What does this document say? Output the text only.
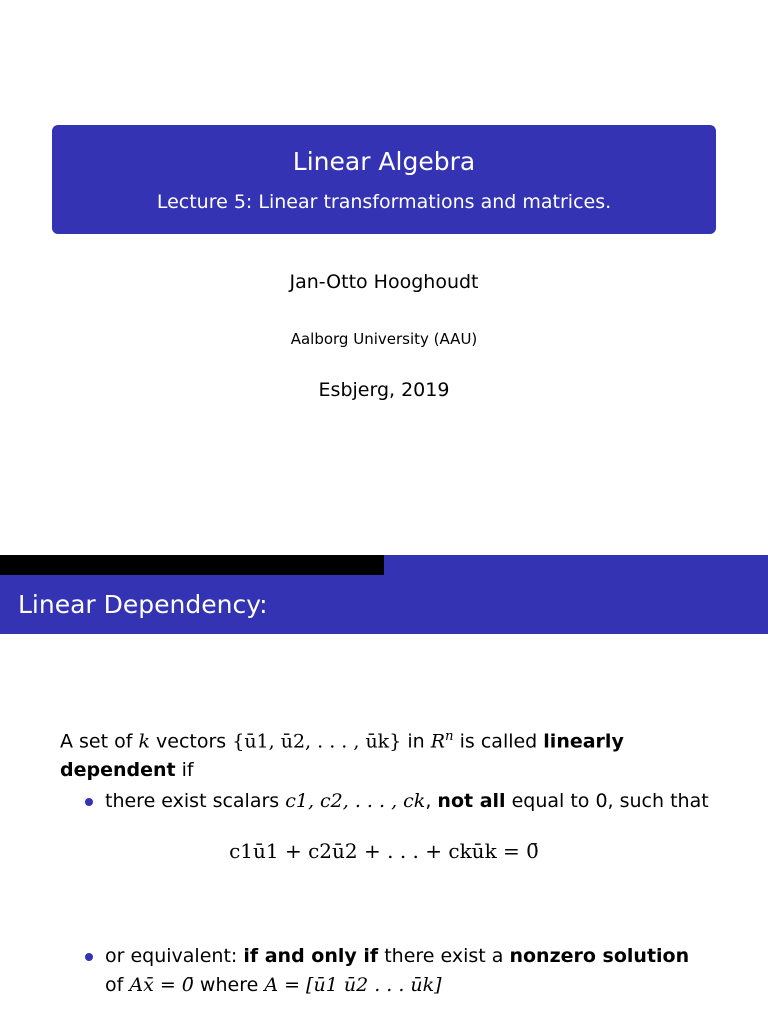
Linear Algebra
Lecture 5: Linear transformations and matrices.
Jan-Otto Hooghoudt
Aalborg University (AAU)
Esbjerg, 2019
Linear Dependency:
A set of k vectors {ū1, ū2, . . . , ūk} in $R^n$ is called linearly dependent if
there exist scalars c1, c2, . . . , ck, not all equal to 0, such that
c1ū1 + c2ū2 + . . . + ckūk = 0̄
or equivalent: if and only if there exist a nonzero solution
of Ax̄ = 0̄ where A = [ū1 ū2 . . . ūk]
